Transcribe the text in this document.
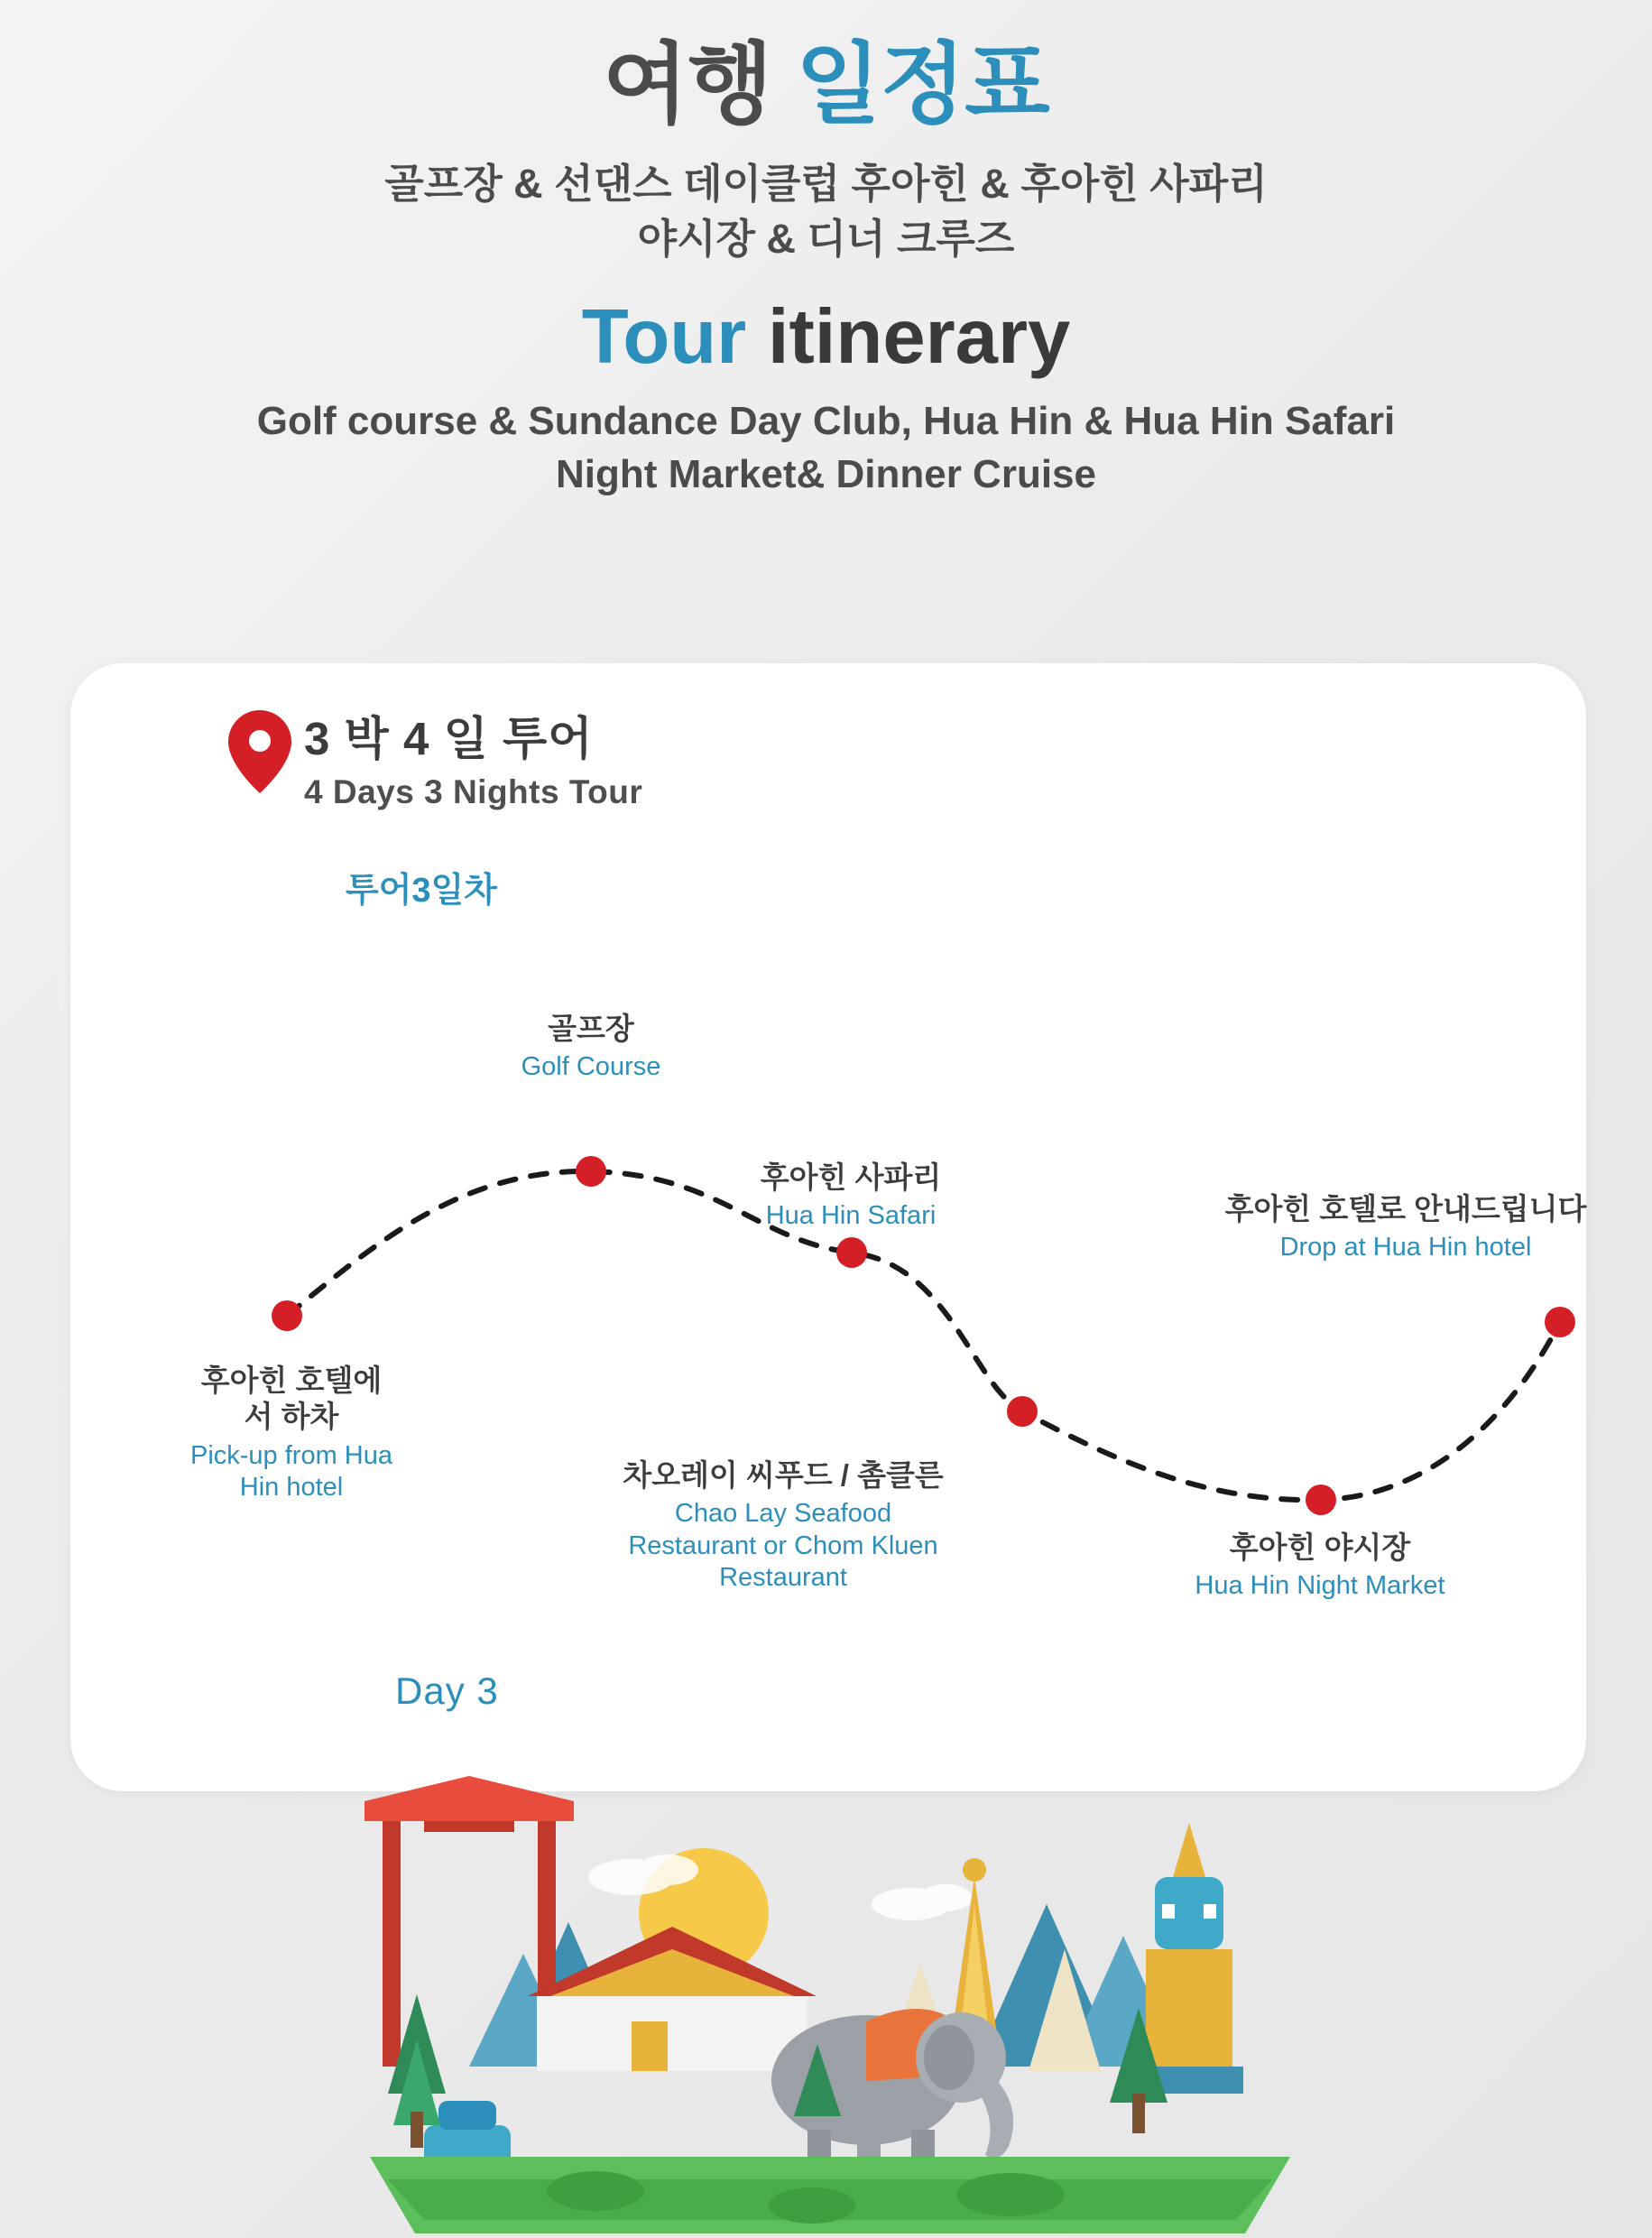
여행 일정표
골프장 & 선댄스 데이클럽 후아힌 & 후아힌 사파리
야시장 & 디너 크루즈
Tour itinerary
Golf course & Sundance Day Club, Hua Hin & Hua Hin Safari
Night Market& Dinner Cruise
3 박 4 일 투어
4 Days 3 Nights Tour
투어3일차
후아힌 호텔에
서 하차
Pick-up from Hua
Hin hotel
골프장
Golf Course
후아힌 사파리
Hua Hin Safari
차오레이 씨푸드 / 촘클른
Chao Lay Seafood
Restaurant or Chom Kluen
Restaurant
후아힌 야시장
Hua Hin Night Market
후아힌 호텔로 안내드립니다
Drop at Hua Hin hotel
Day 3
